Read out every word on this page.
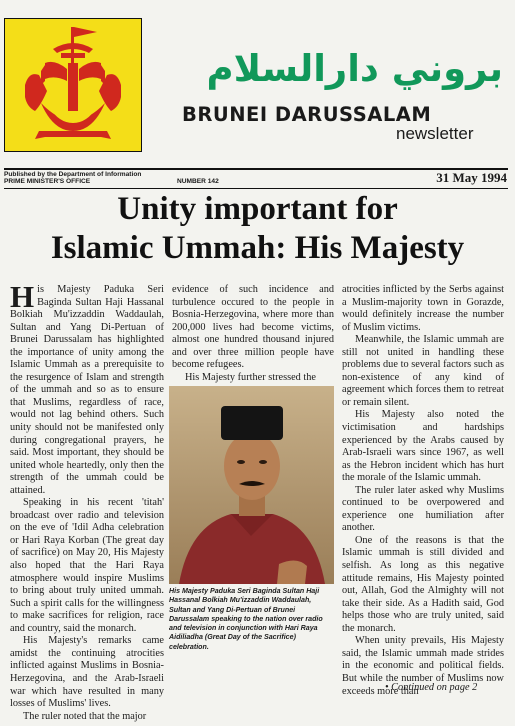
بروني دارالسلام
BRUNEI DARUSSALAM
newsletter
Published by the Department of Information
PRIME MINISTER'S OFFICE	NUMBER 142	31 May 1994
Unity important for
Islamic Ummah: His Majesty

His Majesty Paduka Seri Baginda Sultan Haji Hassanal Bolkiah Mu'izzaddin Waddaulah, Sultan and Yang Di-Pertuan of Brunei Darussalam has highlighted the importance of unity among the Islamic Ummah as a prerequisite to the resurgence of Islam and strength of the ummah and so as to ensure that Muslims, regardless of race, would not lag behind others. Such unity should not be manifested only during congregational prayers, he said. Most important, they should be united whole heartedly, only then the strength of the ummah could be attained.

Speaking in his recent 'titah' broadcast over radio and television on the eve of 'Idil Adha celebration or Hari Raya Korban (The great day of sacrifice) on May 20, His Majesty also hoped that the Hari Raya atmosphere would inspire Muslims to bring about truly united ummah. Such a spirit calls for the willingness to make sacrifices for religion, race and country, said the monarch.

His Majesty's remarks came amidst the continuing atrocities inflicted against Muslims in Bosnia-Herzegovina, and the Arab-Israeli war which have resulted in many losses of Muslims' lives.

The ruler noted that the major

evidence of such incidence and turbulence occured to the people in Bosnia-Herzegovina, where more than 200,000 lives had become victims, almost one hundred thousand injured and over three million people have become refugees.

His Majesty further stressed the

His Majesty Paduka Seri Baginda Sultan Haji Hassanal Bolkiah Mu'izzaddin Waddaulah, Sultan and Yang Di-Pertuan of Brunei Darussalam speaking to the nation over radio and television in conjunction with Hari Raya Aidiliadha (Great Day of the Sacrifice) celebration.

atrocities inflicted by the Serbs against a Muslim-majority town in Gorazde, would definitely increase the number of Muslim victims.

Meanwhile, the Islamic ummah are still not united in handling these problems due to several factors such as non-existence of any kind of agreement which forces them to retreat or remain silent.

His Majesty also noted the victimisation and hardships experienced by the Arabs caused by Arab-Israeli wars since 1967, as well as the Hebron incident which has hurt the morale of the Islamic ummah.

The ruler later asked why Muslims continued to be overpowered and experience one humiliation after another.

One of the reasons is that the Islamic ummah is still divided and selfish. As long as this negative attitude remains, His Majesty pointed out, Allah, God the Almighty will not take their side. As a Hadith said, God helps those who are truly united, said the monarch.

When unity prevails, His Majesty said, the Islamic ummah made strides in the economic and political fields. But while the number of Muslims now exceeds more than

• Continued on page 2
